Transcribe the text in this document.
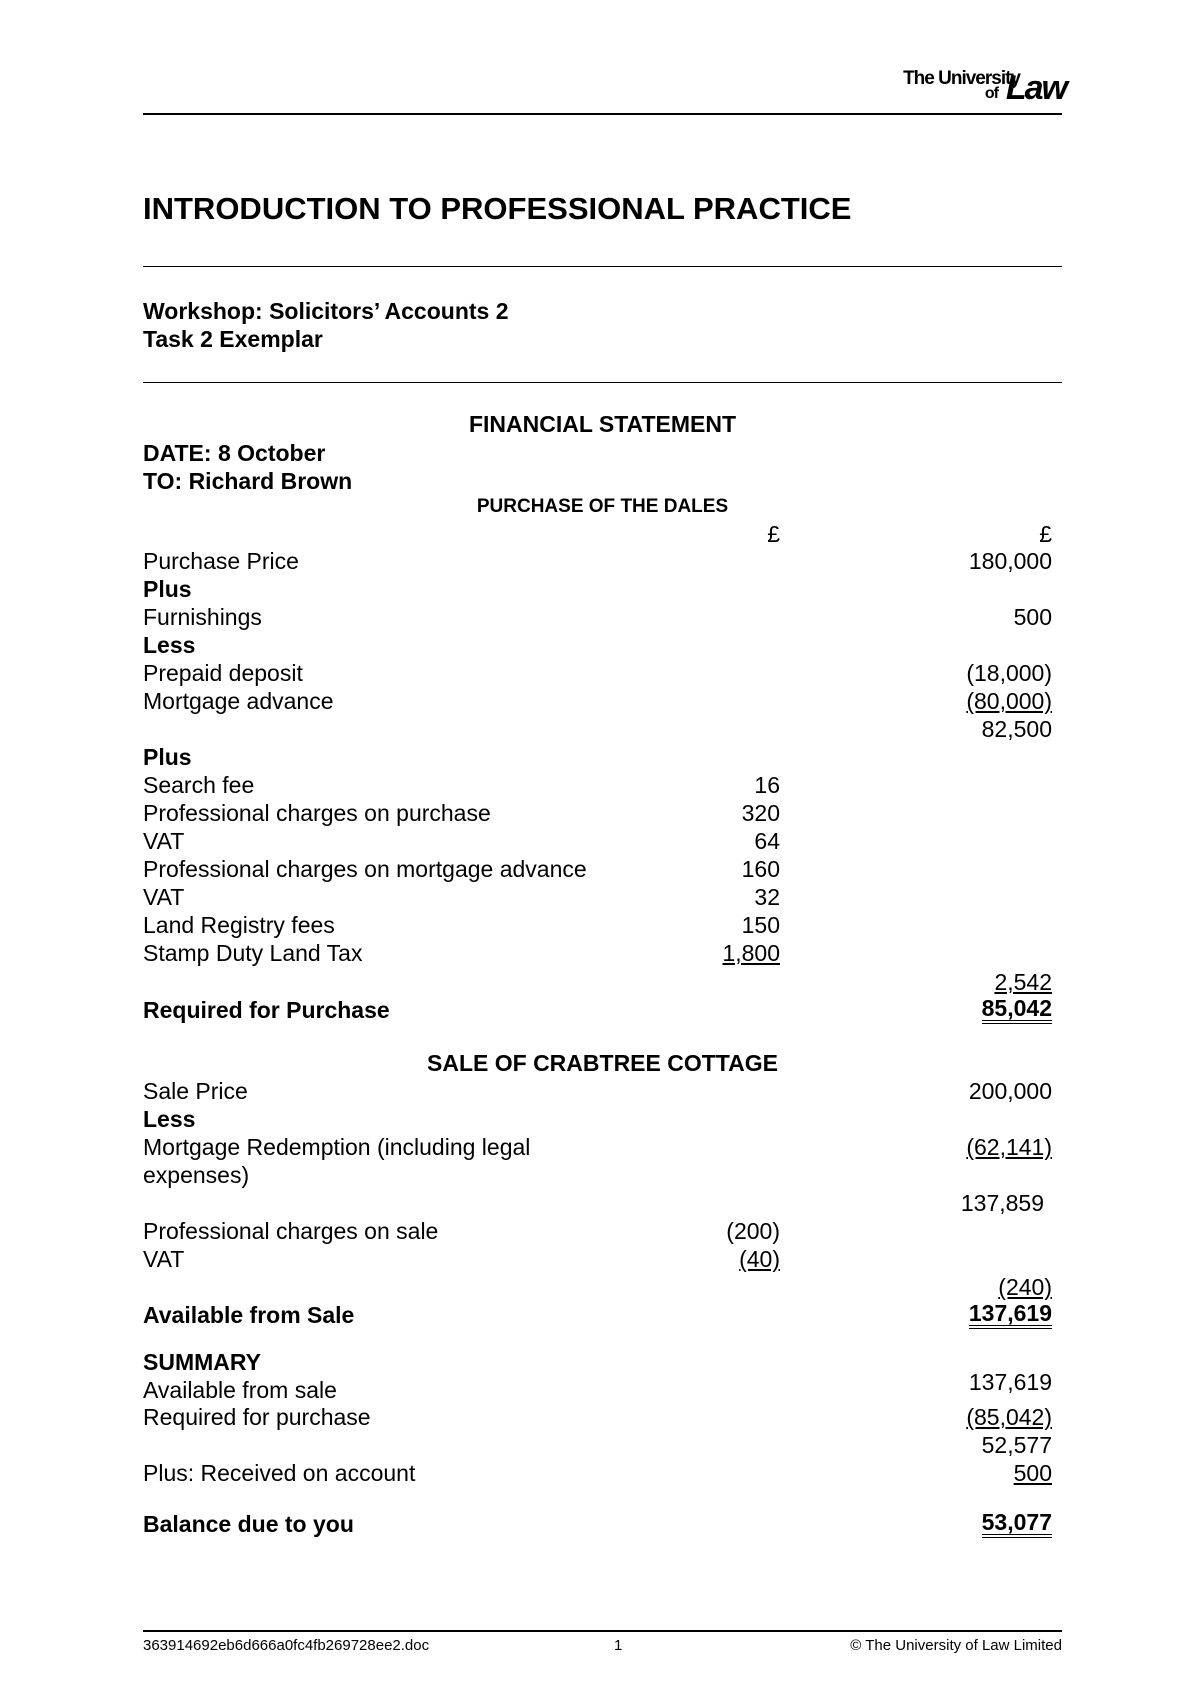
The University
of Law
INTRODUCTION TO PROFESSIONAL PRACTICE
Workshop: Solicitors’ Accounts 2
Task 2 Exemplar
FINANCIAL STATEMENT
DATE: 8 October
TO: Richard Brown
PURCHASE OF THE DALES
£	£
Purchase Price	180,000
Plus
Furnishings	500
Less
Prepaid deposit	(18,000)
Mortgage advance	(80,000)
82,500
Plus
Search fee	16
Professional charges on purchase	320
VAT	64
Professional charges on mortgage advance	160
VAT	32
Land Registry fees	150
Stamp Duty Land Tax	1,800
2,542
Required for Purchase	85,042
SALE OF CRABTREE COTTAGE
Sale Price	200,000
Less
Mortgage Redemption (including legal
expenses)
(62,141)
137,859
Professional charges on sale	(200)
VAT	(40)
(240)
Available from Sale	137,619
SUMMARY
Available from sale	137,619
Required for purchase	(85,042)
52,577
Plus: Received on account	500
Balance due to you	53,077
363914692eb6d666a0fc4fb269728ee2.doc	1	© The University of Law Limited
